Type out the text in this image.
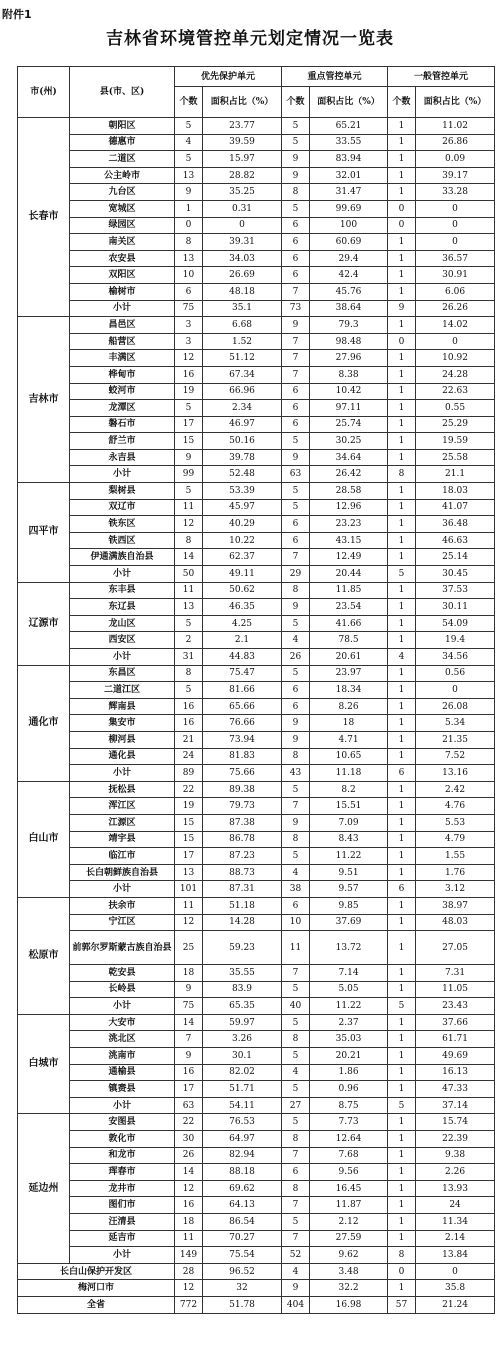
附件1
吉林省环境管控单元划定情况一览表
市(州)	县(市、区)	优先保护单元		重点管控单元		一般管控单元	
		个数	面积占比（%）	个数	面积占比（%）	个数	面积占比（%）
长春市	朝阳区	5	23.77	5	65.21	1	11.02
	德惠市	4	39.59	5	33.55	1	26.86
	二道区	5	15.97	9	83.94	1	0.09
	公主岭市	13	28.82	9	32.01	1	39.17
	九台区	9	35.25	8	31.47	1	33.28
	宽城区	1	0.31	5	99.69	0	0
	绿园区	0	0	6	100	0	0
	南关区	8	39.31	6	60.69	1	0
	农安县	13	34.03	6	29.4	1	36.57
	双阳区	10	26.69	6	42.4	1	30.91
	榆树市	6	48.18	7	45.76	1	6.06
	小计	75	35.1	73	38.64	9	26.26
吉林市	昌邑区	3	6.68	9	79.3	1	14.02
	船营区	3	1.52	7	98.48	0	0
	丰满区	12	51.12	7	27.96	1	10.92
	桦甸市	16	67.34	7	8.38	1	24.28
	蛟河市	19	66.96	6	10.42	1	22.63
	龙潭区	5	2.34	6	97.11	1	0.55
	磐石市	17	46.97	6	25.74	1	25.29
	舒兰市	15	50.16	5	30.25	1	19.59
	永吉县	9	39.78	9	34.64	1	25.58
	小计	99	52.48	63	26.42	8	21.1
四平市	梨树县	5	53.39	5	28.58	1	18.03
	双辽市	11	45.97	5	12.96	1	41.07
	铁东区	12	40.29	6	23.23	1	36.48
	铁西区	8	10.22	6	43.15	1	46.63
	伊通满族自治县	14	62.37	7	12.49	1	25.14
	小计	50	49.11	29	20.44	5	30.45
辽源市	东丰县	11	50.62	8	11.85	1	37.53
	东辽县	13	46.35	9	23.54	1	30.11
	龙山区	5	4.25	5	41.66	1	54.09
	西安区	2	2.1	4	78.5	1	19.4
	小计	31	44.83	26	20.61	4	34.56
通化市	东昌区	8	75.47	5	23.97	1	0.56
	二道江区	5	81.66	6	18.34	1	0
	辉南县	16	65.66	6	8.26	1	26.08
	集安市	16	76.66	9	18	1	5.34
	柳河县	21	73.94	9	4.71	1	21.35
	通化县	24	81.83	8	10.65	1	7.52
	小计	89	75.66	43	11.18	6	13.16
白山市	抚松县	22	89.38	5	8.2	1	2.42
	浑江区	19	79.73	7	15.51	1	4.76
	江源区	15	87.38	9	7.09	1	5.53
	靖宇县	15	86.78	8	8.43	1	4.79
	临江市	17	87.23	5	11.22	1	1.55
	长白朝鲜族自治县	13	88.73	4	9.51	1	1.76
	小计	101	87.31	38	9.57	6	3.12
松原市	扶余市	11	51.18	6	9.85	1	38.97
	宁江区	12	14.28	10	37.69	1	48.03
	前郭尔罗斯蒙古族自治县	25	59.23	11	13.72	1	27.05
	乾安县	18	35.55	7	7.14	1	7.31
	长岭县	9	83.9	5	5.05	1	11.05
	小计	75	65.35	40	11.22	5	23.43
白城市	大安市	14	59.97	5	2.37	1	37.66
	洮北区	7	3.26	8	35.03	1	61.71
	洮南市	9	30.1	5	20.21	1	49.69
	通榆县	16	82.02	4	1.86	1	16.13
	镇赉县	17	51.71	5	0.96	1	47.33
	小计	63	54.11	27	8.75	5	37.14
延边州	安图县	22	76.53	5	7.73	1	15.74
	敦化市	30	64.97	8	12.64	1	22.39
	和龙市	26	82.94	7	7.68	1	9.38
	珲春市	14	88.18	6	9.56	1	2.26
	龙井市	12	69.62	8	16.45	1	13.93
	图们市	16	64.13	7	11.87	1	24
	汪清县	18	86.54	5	2.12	1	11.34
	延吉市	11	70.27	7	27.59	1	2.14
	小计	149	75.54	52	9.62	8	13.84
长白山保护开发区		28	96.52	4	3.48	0	0
梅河口市		12	32	9	32.2	1	35.8
全省		772	51.78	404	16.98	57	21.24
